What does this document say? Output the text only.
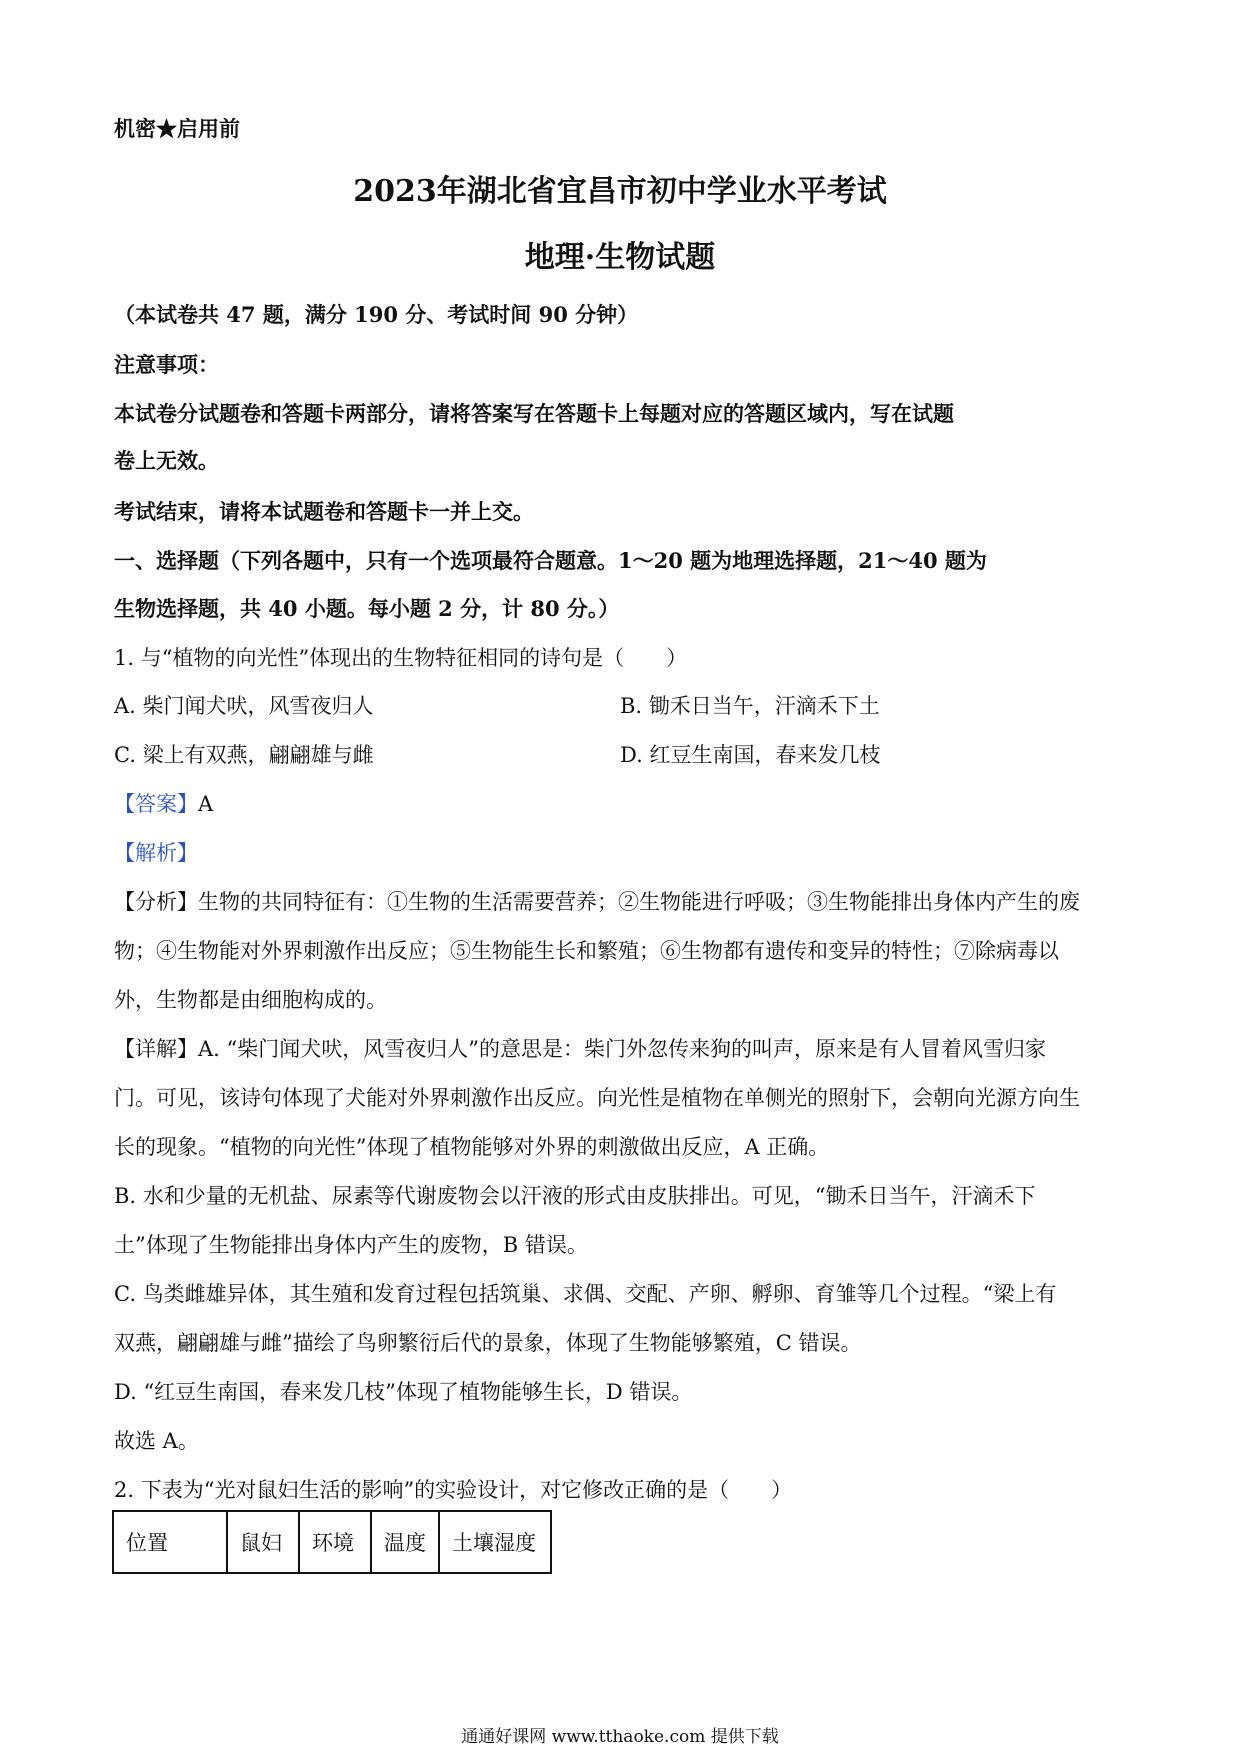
机密★启用前
2023年湖北省宜昌市初中学业水平考试
地理·生物试题
（本试卷共 47 题，满分 190 分、考试时间 90 分钟）
注意事项：
本试卷分试题卷和答题卡两部分，请将答案写在答题卡上每题对应的答题区域内，写在试题
卷上无效。
考试结束，请将本试题卷和答题卡一并上交。
一、选择题（下列各题中，只有一个选项最符合题意。1～20 题为地理选择题，21～40 题为
生物选择题，共 40 小题。每小题 2 分，计 80 分。）
1. 与“植物的向光性”体现出的生物特征相同的诗句是（　　）
A. 柴门闻犬吠，风雪夜归人	B. 锄禾日当午，汗滴禾下土
C. 梁上有双燕，翩翩雄与雌	D. 红豆生南国，春来发几枝
【答案】A
【解析】
【分析】生物的共同特征有：①生物的生活需要营养；②生物能进行呼吸；③生物能排出身体内产生的废
物；④生物能对外界刺激作出反应；⑤生物能生长和繁殖；⑥生物都有遗传和变异的特性；⑦除病毒以
外，生物都是由细胞构成的。
【详解】A. “柴门闻犬吠，风雪夜归人”的意思是：柴门外忽传来狗的叫声，原来是有人冒着风雪归家
门。可见，该诗句体现了犬能对外界刺激作出反应。向光性是植物在单侧光的照射下，会朝向光源方向生
长的现象。“植物的向光性”体现了植物能够对外界的刺激做出反应，A 正确。
B. 水和少量的无机盐、尿素等代谢废物会以汗液的形式由皮肤排出。可见，“锄禾日当午，汗滴禾下
土”体现了生物能排出身体内产生的废物，B 错误。
C. 鸟类雌雄异体，其生殖和发育过程包括筑巢、求偶、交配、产卵、孵卵、育雏等几个过程。“梁上有
双燕，翩翩雄与雌”描绘了鸟卵繁衍后代的景象，体现了生物能够繁殖，C 错误。
D. “红豆生南国，春来发几枝”体现了植物能够生长，D 错误。
故选 A。
2. 下表为“光对鼠妇生活的影响”的实验设计，对它修改正确的是（　　）
位置	鼠妇	环境	温度	土壤湿度
通通好课网 www.tthaoke.com 提供下载
